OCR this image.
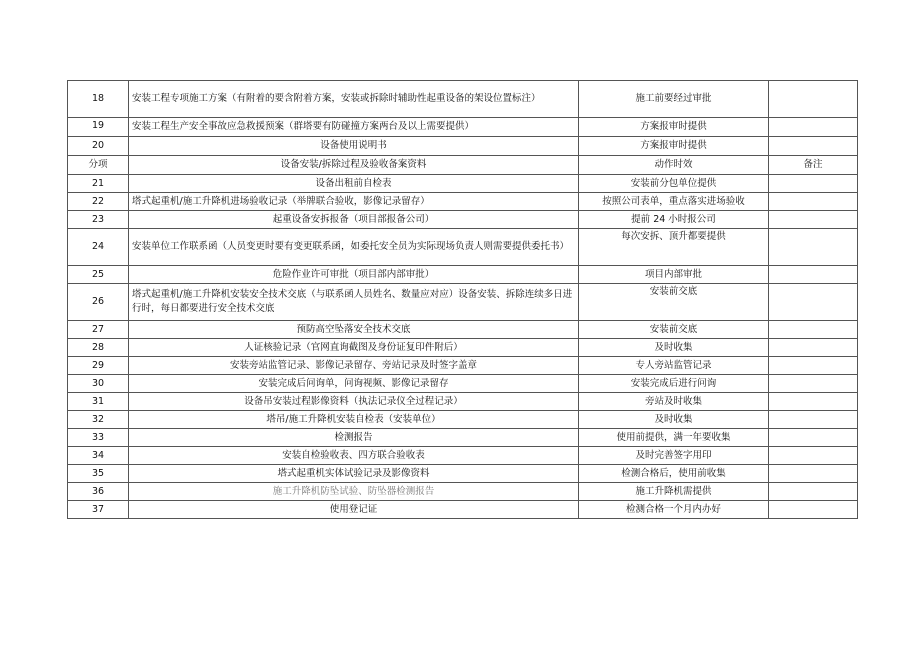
18	安装工程专项施工方案（有附着的要含附着方案，安装或拆除时辅助性起重设备的架设位置标注）	施工前要经过审批	
19	安装工程生产安全事故应急救援预案（群塔要有防碰撞方案两台及以上需要提供）	方案报审时提供	
20	设备使用说明书	方案报审时提供	
分项	设备安装/拆除过程及验收备案资料	动作时效	备注
21	设备出租前自检表	安装前分包单位提供	
22	塔式起重机/施工升降机进场验收记录（举牌联合验收，影像记录留存）	按照公司表单，重点落实进场验收	
23	起重设备安拆报备（项目部报备公司）	提前 24 小时报公司	
24	安装单位工作联系函（人员变更时要有变更联系函，如委托安全员为实际现场负责人则需要提供委托书）	每次安拆、顶升都要提供	
25	危险作业许可审批（项目部内部审批）	项目内部审批	
26	塔式起重机/施工升降机安装安全技术交底（与联系函人员姓名、数量应对应）设备安装、拆除连续多日进行时，每日都要进行安全技术交底	安装前交底	
27	预防高空坠落安全技术交底	安装前交底	
28	人证核验记录（官网直询截图及身份证复印件附后）	及时收集	
29	安装旁站监管记录、影像记录留存、旁站记录及时签字盖章	专人旁站监管记录	
30	安装完成后问询单，问询视频、影像记录留存	安装完成后进行问询	
31	设备吊安装过程影像资料（执法记录仪全过程记录）	旁站及时收集	
32	塔吊/施工升降机安装自检表（安装单位）	及时收集	
33	检测报告	使用前提供，满一年要收集	
34	安装自检验收表、四方联合验收表	及时完善签字用印	
35	塔式起重机实体试验记录及影像资料	检测合格后，使用前收集	
36	施工升降机防坠试验、防坠器检测报告	施工升降机需提供	
37	使用登记证	检测合格一个月内办好	
